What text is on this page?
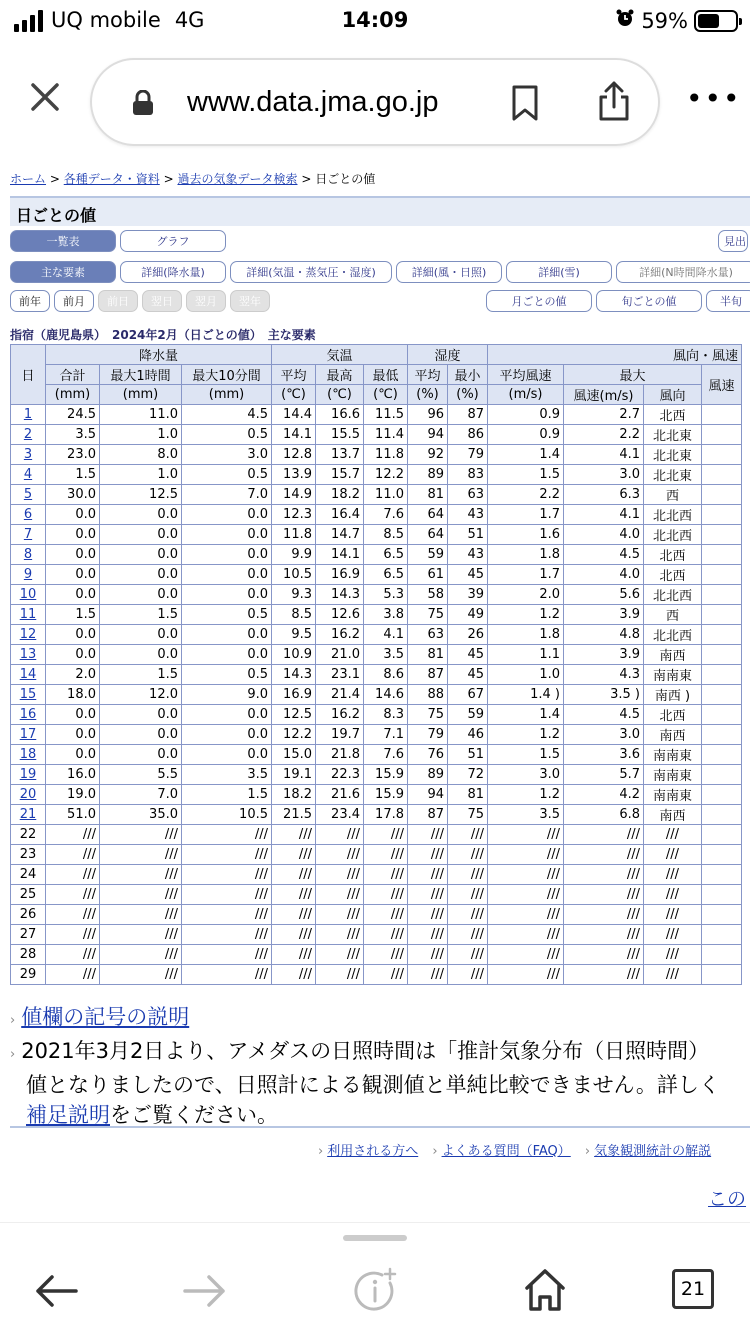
UQ mobile 4G	14:09	59%
www.data.jma.go.jp	•••
ホーム > 各種データ・資料 > 過去の気象データ検索 > 日ごとの値
日ごとの値
一覧表	グラフ	見出
主な要素	詳細(降水量)	詳細(気温・蒸気圧・湿度)	詳細(風・日照)	詳細(雪)	詳細(N時間降水量)
前年	前月	前日	翌日	翌月	翌年	月ごとの値	旬ごとの値	半旬
指宿（鹿児島県）　2024年2月（日ごとの値）　主な要素
日	降水量			気温			湿度		風向・風速			
	合計	最大1時間	最大10分間	平均	最高	最低	平均	最小	平均風速	最大		風速
	(mm)	(mm)	(mm)	(℃)	(℃)	(℃)	(%)	(%)	(m/s)	風速(m/s)	風向	
1	24.5	11.0	4.5	14.4	16.6	11.5	96	87	0.9	2.7	北西	
2	3.5	1.0	0.5	14.1	15.5	11.4	94	86	0.9	2.2	北北東	
3	23.0	8.0	3.0	12.8	13.7	11.8	92	79	1.4	4.1	北北東	
4	1.5	1.0	0.5	13.9	15.7	12.2	89	83	1.5	3.0	北北東	
5	30.0	12.5	7.0	14.9	18.2	11.0	81	63	2.2	6.3	西	
6	0.0	0.0	0.0	12.3	16.4	7.6	64	43	1.7	4.1	北北西	
7	0.0	0.0	0.0	11.8	14.7	8.5	64	51	1.6	4.0	北北西	
8	0.0	0.0	0.0	9.9	14.1	6.5	59	43	1.8	4.5	北西	
9	0.0	0.0	0.0	10.5	16.9	6.5	61	45	1.7	4.0	北西	
10	0.0	0.0	0.0	9.3	14.3	5.3	58	39	2.0	5.6	北北西	
11	1.5	1.5	0.5	8.5	12.6	3.8	75	49	1.2	3.9	西	
12	0.0	0.0	0.0	9.5	16.2	4.1	63	26	1.8	4.8	北北西	
13	0.0	0.0	0.0	10.9	21.0	3.5	81	45	1.1	3.9	南西	
14	2.0	1.5	0.5	14.3	23.1	8.6	87	45	1.0	4.3	南南東	
15	18.0	12.0	9.0	16.9	21.4	14.6	88	67	1.4 )	3.5 )	南西 )	
16	0.0	0.0	0.0	12.5	16.2	8.3	75	59	1.4	4.5	北西	
17	0.0	0.0	0.0	12.2	19.7	7.1	79	46	1.2	3.0	南西	
18	0.0	0.0	0.0	15.0	21.8	7.6	76	51	1.5	3.6	南南東	
19	16.0	5.5	3.5	19.1	22.3	15.9	89	72	3.0	5.7	南南東	
20	19.0	7.0	1.5	18.2	21.6	15.9	94	81	1.2	4.2	南南東	
21	51.0	35.0	10.5	21.5	23.4	17.8	87	75	3.5	6.8	南西	
22	///	///	///	///	///	///	///	///	///	///	///	
23	///	///	///	///	///	///	///	///	///	///	///	
24	///	///	///	///	///	///	///	///	///	///	///	
25	///	///	///	///	///	///	///	///	///	///	///	
26	///	///	///	///	///	///	///	///	///	///	///	
27	///	///	///	///	///	///	///	///	///	///	///	
28	///	///	///	///	///	///	///	///	///	///	///	
29	///	///	///	///	///	///	///	///	///	///	///	
› 値欄の記号の説明
› 2021年3月2日より、アメダスの日照時間は「推計気象分布（日照時間）
値となりましたので、日照計による観測値と単純比較できません。詳しく
補足説明をご覧ください。
› 利用される方へ › よくある質問（FAQ） › 気象観測統計の解説
この
21
